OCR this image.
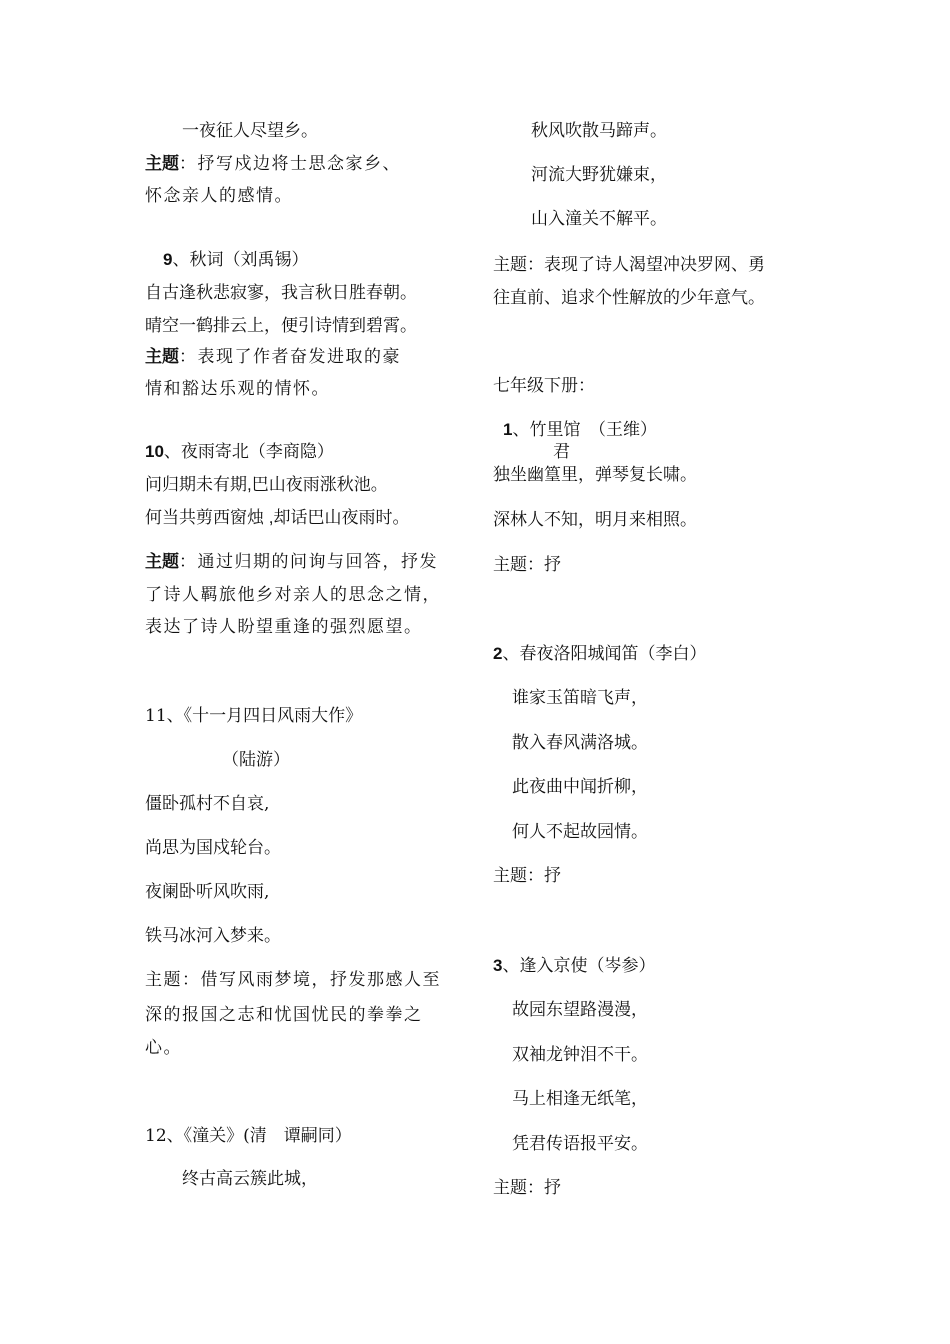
一夜征人尽望乡。
主题：抒写戍边将士思念家乡、
怀念亲人的感情。
9、秋词（刘禹锡）
自古逢秋悲寂寥，我言秋日胜春朝。
晴空一鹤排云上，便引诗情到碧霄。
主题：表现了作者奋发进取的豪
情和豁达乐观的情怀。
10、夜雨寄北（李商隐）
问归期未有期,巴山夜雨涨秋池。
何当共剪西窗烛 ,却话巴山夜雨时。
主题：通过归期的问询与回答，抒发
了诗人羁旅他乡对亲人的思念之情，
表达了诗人盼望重逢的强烈愿望。
11、《十一月四日风雨大作》
（陆游）
僵卧孤村不自哀,
尚思为国戍轮台。
夜阑卧听风吹雨,
铁马冰河入梦来。
主题：借写风雨梦境，抒发那感人至
深的报国之志和忧国忧民的拳拳之
心。
12、《潼关》(清　谭嗣同）
终古高云簇此城，
秋风吹散马蹄声。
河流大野犹嫌束，
山入潼关不解平。
主题：表现了诗人渴望冲决罗网、勇
往直前、追求个性解放的少年意气。
七年级下册：
1、竹里馆　（王维）
君
独坐幽篁里，弹琴复长啸。
深林人不知，明月来相照。
主题：抒
2、春夜洛阳城闻笛（李白）
谁家玉笛暗飞声，
散入春风满洛城。
此夜曲中闻折柳，
何人不起故园情。
主题：抒
3、逢入京使（岑参）
故园东望路漫漫，
双袖龙钟泪不干。
马上相逢无纸笔，
凭君传语报平安。
主题：抒
